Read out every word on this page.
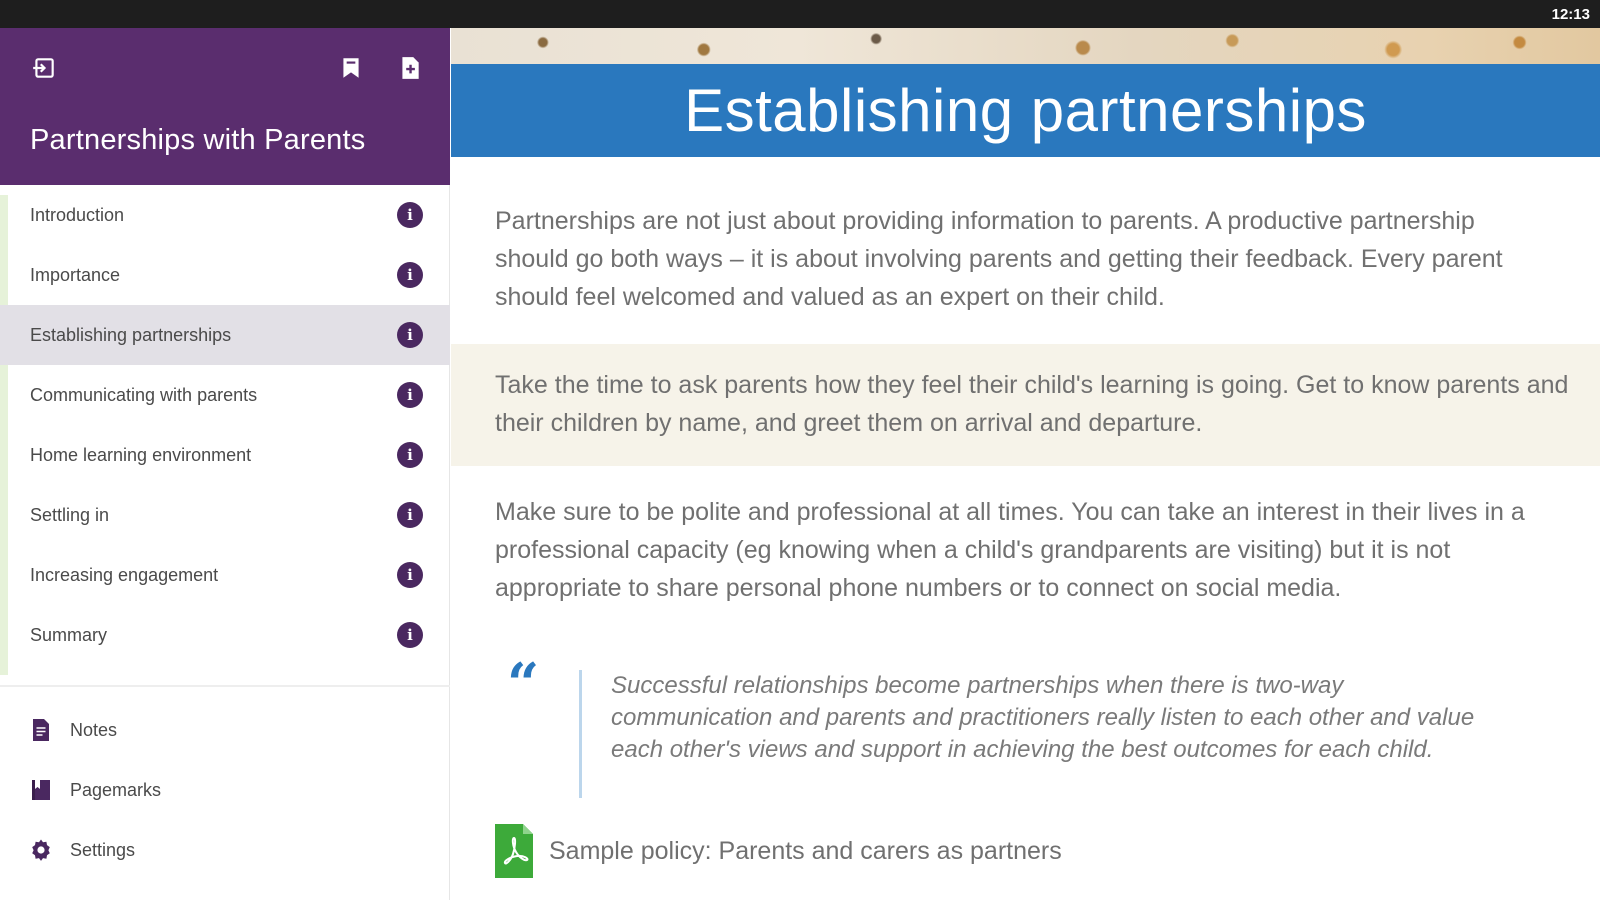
12:13
Partnerships with Parents
Introduction	i
Importance	i
Establishing partnerships	i
Communicating with parents	i
Home learning environment	i
Settling in	i
Increasing engagement	i
Summary	i
Notes
Pagemarks
Settings
Establishing partnerships

Partnerships are not just about providing information to parents. A productive partnership should go both ways – it is about involving parents and getting their feedback. Every parent should feel welcomed and valued as an expert on their child.

Take the time to ask parents how they feel their child's learning is going. Get to know parents and their children by name, and greet them on arrival and departure.

Make sure to be polite and professional at all times. You can take an interest in their lives in a professional capacity (eg knowing when a child's grandparents are visiting) but it is not appropriate to share personal phone numbers or to connect on social media.

“	Successful relationships become partnerships when there is two-way communication and parents and practitioners really listen to each other and value each other's views and support in achieving the best outcomes for each child.

Sample policy: Parents and carers as partners
